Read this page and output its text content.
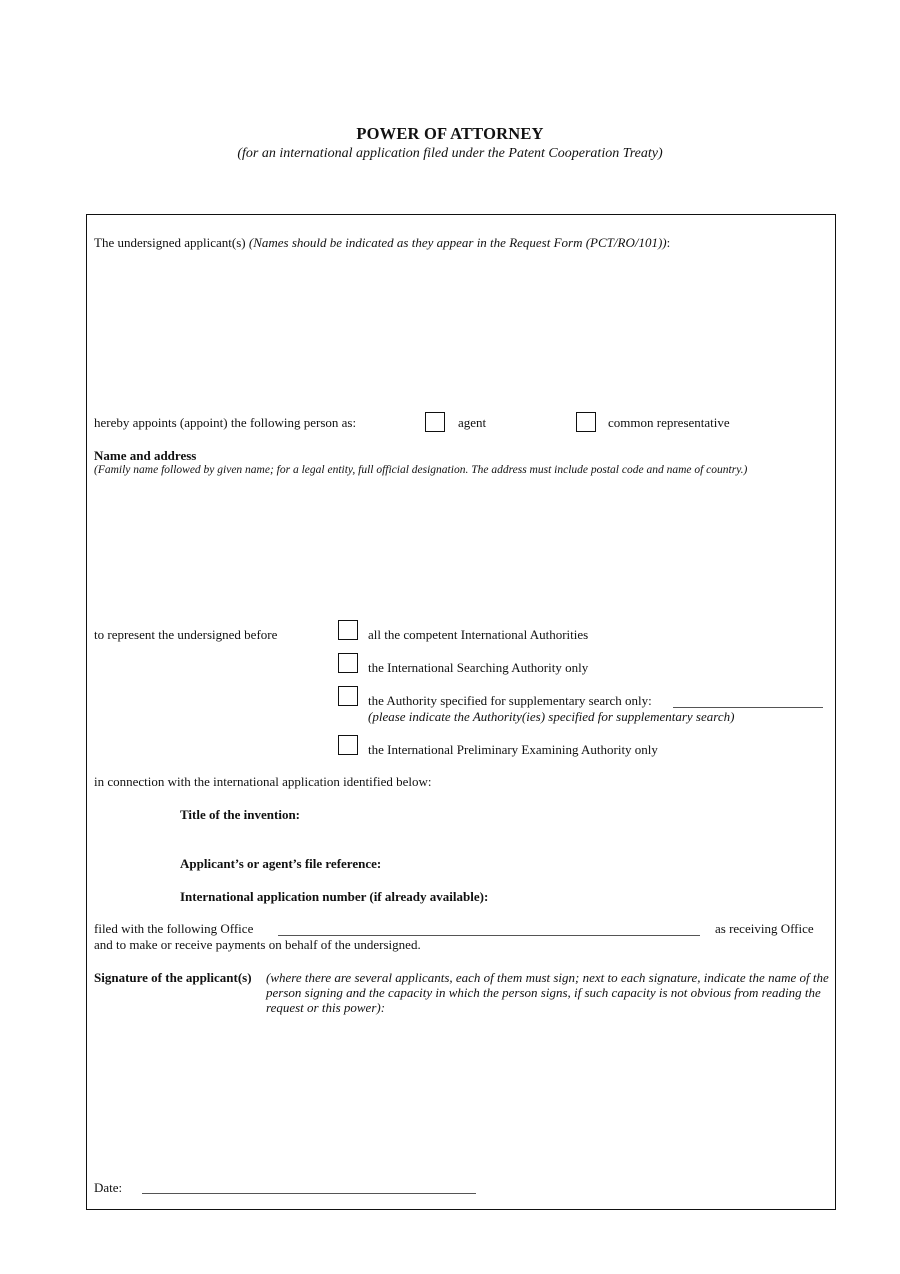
POWER OF ATTORNEY
(for an international application filed under the Patent Cooperation Treaty)
The undersigned applicant(s) (Names should be indicated as they appear in the Request Form (PCT/RO/101)):
hereby appoints (appoint) the following person as:	agent	common representative
Name and address
(Family name followed by given name; for a legal entity, full official designation. The address must include postal code and name of country.)
to represent the undersigned before	all the competent International Authorities
the International Searching Authority only
the Authority specified for supplementary search only:
(please indicate the Authority(ies) specified for supplementary search)
the International Preliminary Examining Authority only
in connection with the international application identified below:
Title of the invention:
Applicant’s or agent’s file reference:
International application number (if already available):
filed with the following Office	as receiving Office
and to make or receive payments on behalf of the undersigned.
Signature of the applicant(s) (where there are several applicants, each of them must sign; next to each signature, indicate the name of the person signing and the capacity in which the person signs, if such capacity is not obvious from reading the request or this power):
Date:
